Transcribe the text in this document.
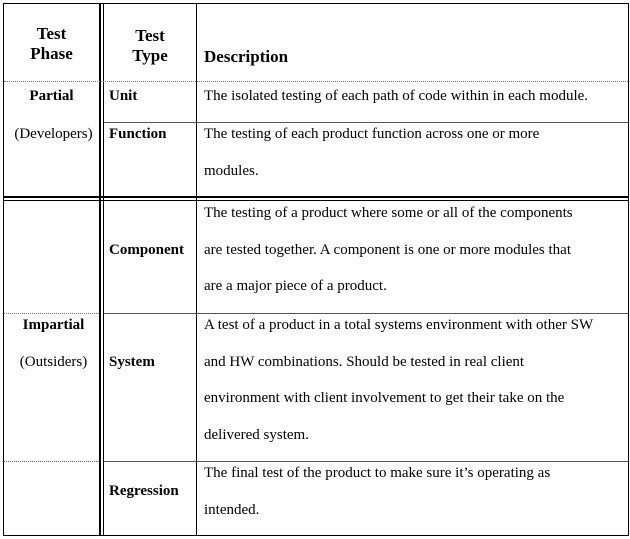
Test
Phase
Test
Type	Description
Partial
(Developers)
Unit	The isolated testing of each path of code within in each module.
Function The testing of each product function across one or more
modules.
Impartial
(Outsiders)
Component
The testing of a product where some or all of the components
are tested together. A component is one or more modules that
are a major piece of a product.
System
A test of a product in a total systems environment with other SW
and HW combinations. Should be tested in real client
environment with client involvement to get their take on the
delivered system.
Regression
The final test of the product to make sure it’s operating as
intended.
